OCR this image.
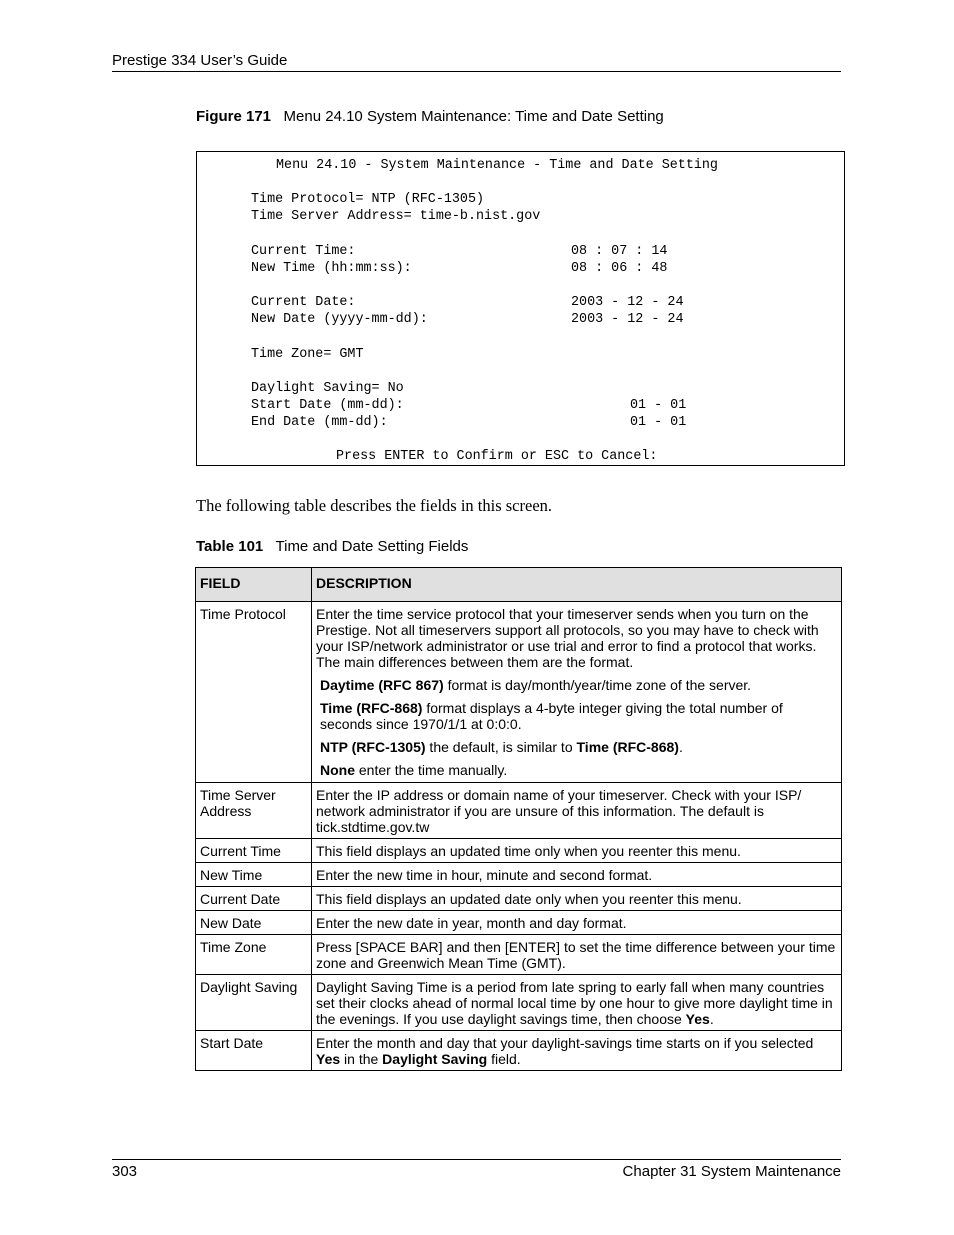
Prestige 334 User’s Guide
Figure 171 Menu 24.10 System Maintenance: Time and Date Setting
Menu 24.10 - System Maintenance - Time and Date Setting
Time Protocol= NTP (RFC-1305)
Time Server Address= time-b.nist.gov
Current Time:	08 : 07 : 14
New Time (hh:mm:ss):	08 : 06 : 48
Current Date:	2003 - 12 - 24
New Date (yyyy-mm-dd):	2003 - 12 - 24
Time Zone= GMT
Daylight Saving= No
Start Date (mm-dd):	01 - 01
End Date (mm-dd):	01 - 01
Press ENTER to Confirm or ESC to Cancel:
The following table describes the fields in this screen.
Table 101 Time and Date Setting Fields
FIELD	DESCRIPTION
Time Protocol	Enter the time service protocol that your timeserver sends when you turn on the Prestige. Not all timeservers support all protocols, so you may have to check with your ISP/network administrator or use trial and error to find a protocol that works. The main differences between them are the format.
Daytime (RFC 867) format is day/month/year/time zone of the server.
Time (RFC-868) format displays a 4-byte integer giving the total number of seconds since 1970/1/1 at 0:0:0.
NTP (RFC-1305) the default, is similar to Time (RFC-868).
None enter the time manually.

Time Server Address	Enter the IP address or domain name of your timeserver. Check with your ISP/ network administrator if you are unsure of this information. The default is tick.stdtime.gov.tw
Current Time	This field displays an updated time only when you reenter this menu.
New Time	Enter the new time in hour, minute and second format.
Current Date	This field displays an updated date only when you reenter this menu.
New Date	Enter the new date in year, month and day format.
Time Zone	Press [SPACE BAR] and then [ENTER] to set the time difference between your time zone and Greenwich Mean Time (GMT).
Daylight Saving	Daylight Saving Time is a period from late spring to early fall when many countries set their clocks ahead of normal local time by one hour to give more daylight time in the evenings. If you use daylight savings time, then choose Yes.
Start Date	Enter the month and day that your daylight-savings time starts on if you selected Yes in the Daylight Saving field.
303	Chapter 31 System Maintenance
